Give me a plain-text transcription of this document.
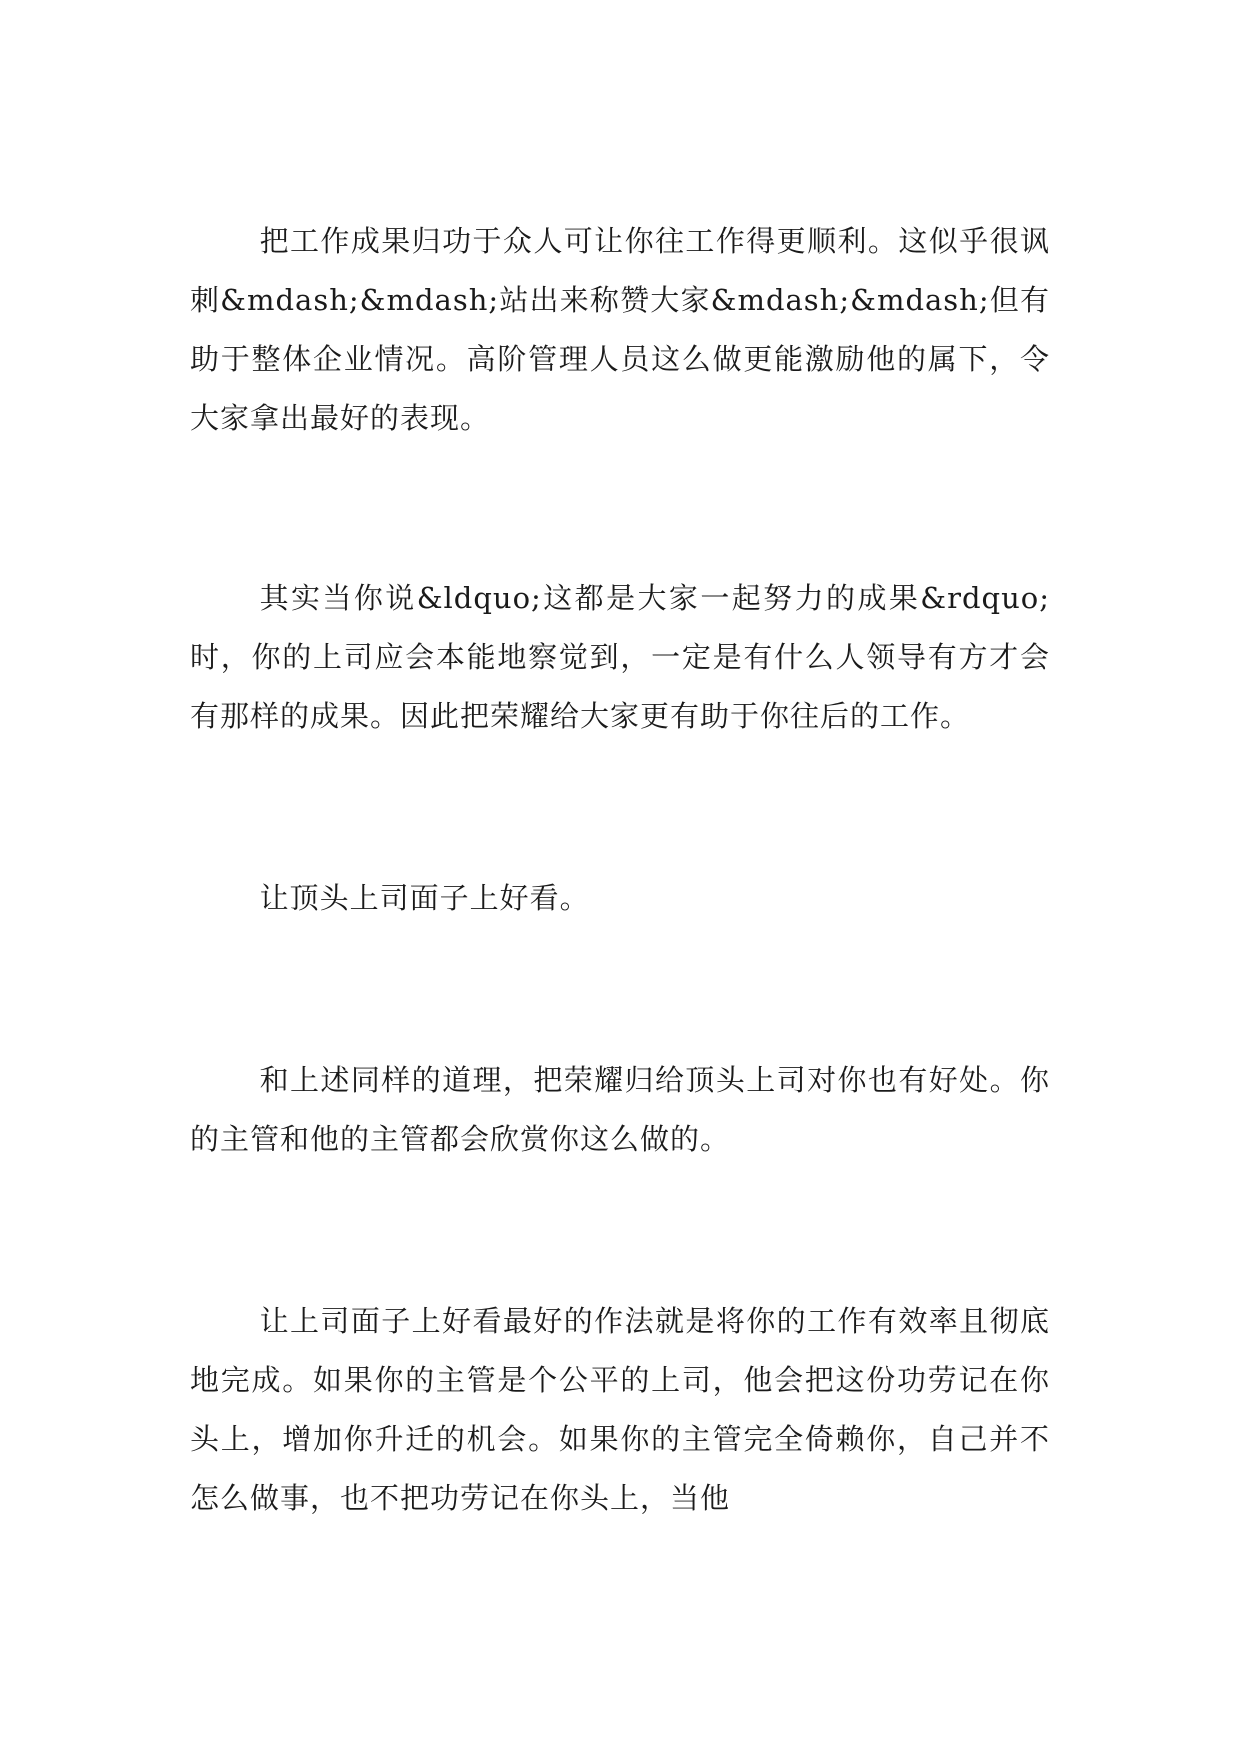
把工作成果归功于众人可让你往工作得更顺利。这似乎很讽刺&mdash;&mdash;站出来称赞大家&mdash;&mdash;但有助于整体企业情况。高阶管理人员这么做更能激励他的属下，令大家拿出最好的表现。

其实当你说&ldquo;这都是大家一起努力的成果&rdquo;时，你的上司应会本能地察觉到，一定是有什么人领导有方才会有那样的成果。因此把荣耀给大家更有助于你往后的工作。

让顶头上司面子上好看。

和上述同样的道理，把荣耀归给顶头上司对你也有好处。你的主管和他的主管都会欣赏你这么做的。

让上司面子上好看最好的作法就是将你的工作有效率且彻底地完成。如果你的主管是个公平的上司，他会把这份功劳记在你头上，增加你升迁的机会。如果你的主管完全倚赖你，自己并不怎么做事，也不把功劳记在你头上，当他
